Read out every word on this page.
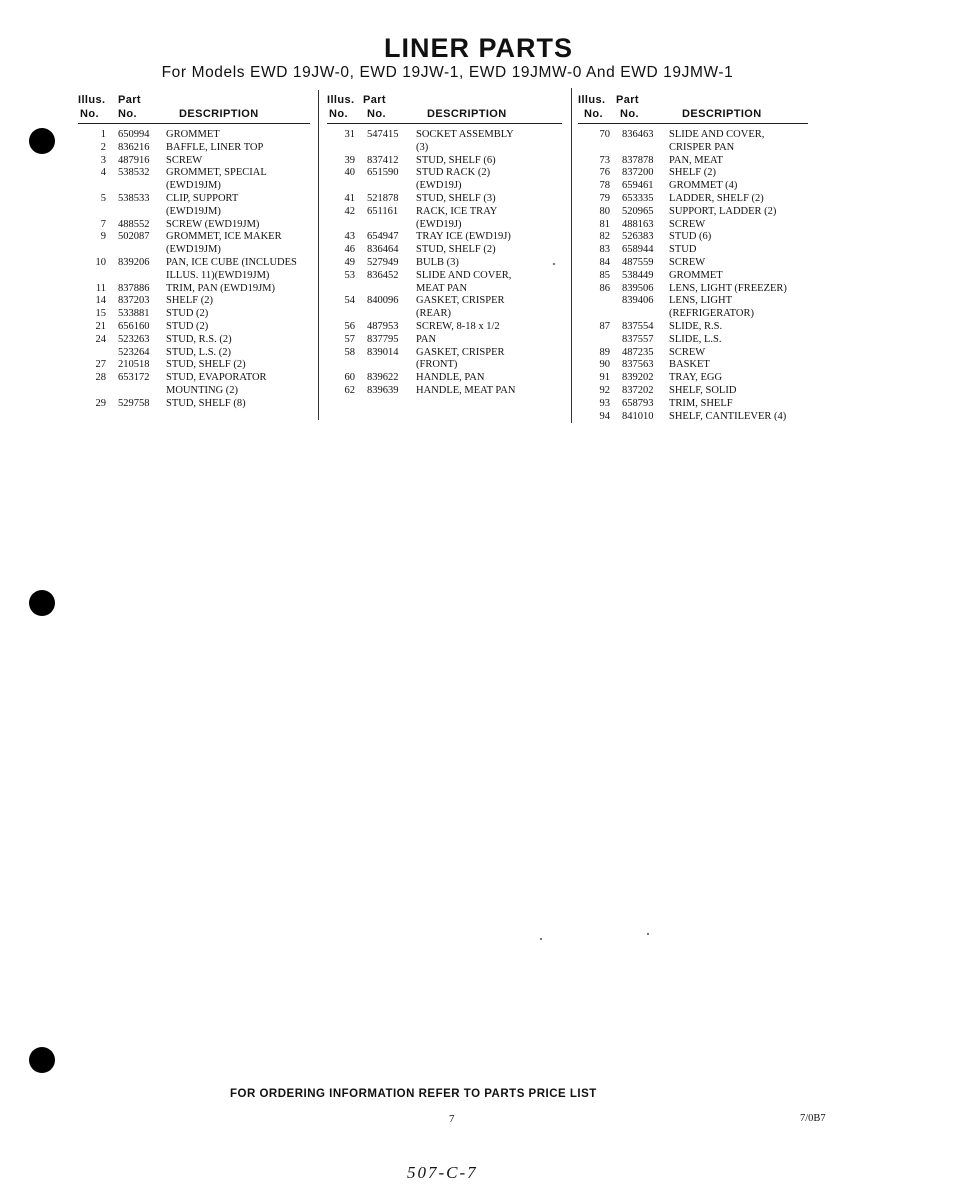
LINER PARTS
For Models EWD 19JW-0, EWD 19JW-1, EWD 19JMW-0 And EWD 19JMW-1
Illus. Part
No. No.	DESCRIPTION
1 650994 GROMMET
2 836216 BAFFLE, LINER TOP
3 487916 SCREW
4 538532 GROMMET, SPECIAL
(EWD19JM)
5 538533 CLIP, SUPPORT
(EWD19JM)
7 488552 SCREW (EWD19JM)
9 502087 GROMMET, ICE MAKER
(EWD19JM)
10 839206 PAN, ICE CUBE (INCLUDES
ILLUS. 11)(EWD19JM)
11 837886 TRIM, PAN (EWD19JM)
14 837203 SHELF (2)
15 533881 STUD (2)
21 656160 STUD (2)
24 523263 STUD, R.S. (2)
523264 STUD, L.S. (2)
27 210518 STUD, SHELF (2)
28 653172 STUD, EVAPORATOR
MOUNTING (2)
29 529758 STUD, SHELF (8)
Illus. Part
No. No.	DESCRIPTION
31 547415 SOCKET ASSEMBLY
(3)
39 837412 STUD, SHELF (6)
40 651590 STUD RACK (2)
(EWD19J)
41 521878 STUD, SHELF (3)
42 651161 RACK, ICE TRAY
(EWD19J)
43 654947 TRAY ICE (EWD19J)
46 836464 STUD, SHELF (2)
49 527949 BULB (3)
53 836452 SLIDE AND COVER,
MEAT PAN
54 840096 GASKET, CRISPER
(REAR)
56 487953 SCREW, 8-18 x 1/2
57 837795 PAN
58 839014 GASKET, CRISPER
(FRONT)
60 839622 HANDLE, PAN
62 839639 HANDLE, MEAT PAN
Illus. Part
No. No.	DESCRIPTION
70 836463 SLIDE AND COVER,
CRISPER PAN
73 837878 PAN, MEAT
76 837200 SHELF (2)
78 659461 GROMMET (4)
79 653335 LADDER, SHELF (2)
80 520965 SUPPORT, LADDER (2)
81 488163 SCREW
82 526383 STUD (6)
83 658944 STUD
84 487559 SCREW
85 538449 GROMMET
86 839506 LENS, LIGHT (FREEZER)
839406 LENS, LIGHT
(REFRIGERATOR)
87 837554 SLIDE, R.S.
837557 SLIDE, L.S.
89 487235 SCREW
90 837563 BASKET
91 839202 TRAY, EGG
92 837202 SHELF, SOLID
93 658793 TRIM, SHELF
94 841010 SHELF, CANTILEVER (4)
FOR ORDERING INFORMATION REFER TO PARTS PRICE LIST
7	7/0B7
507-C-7
